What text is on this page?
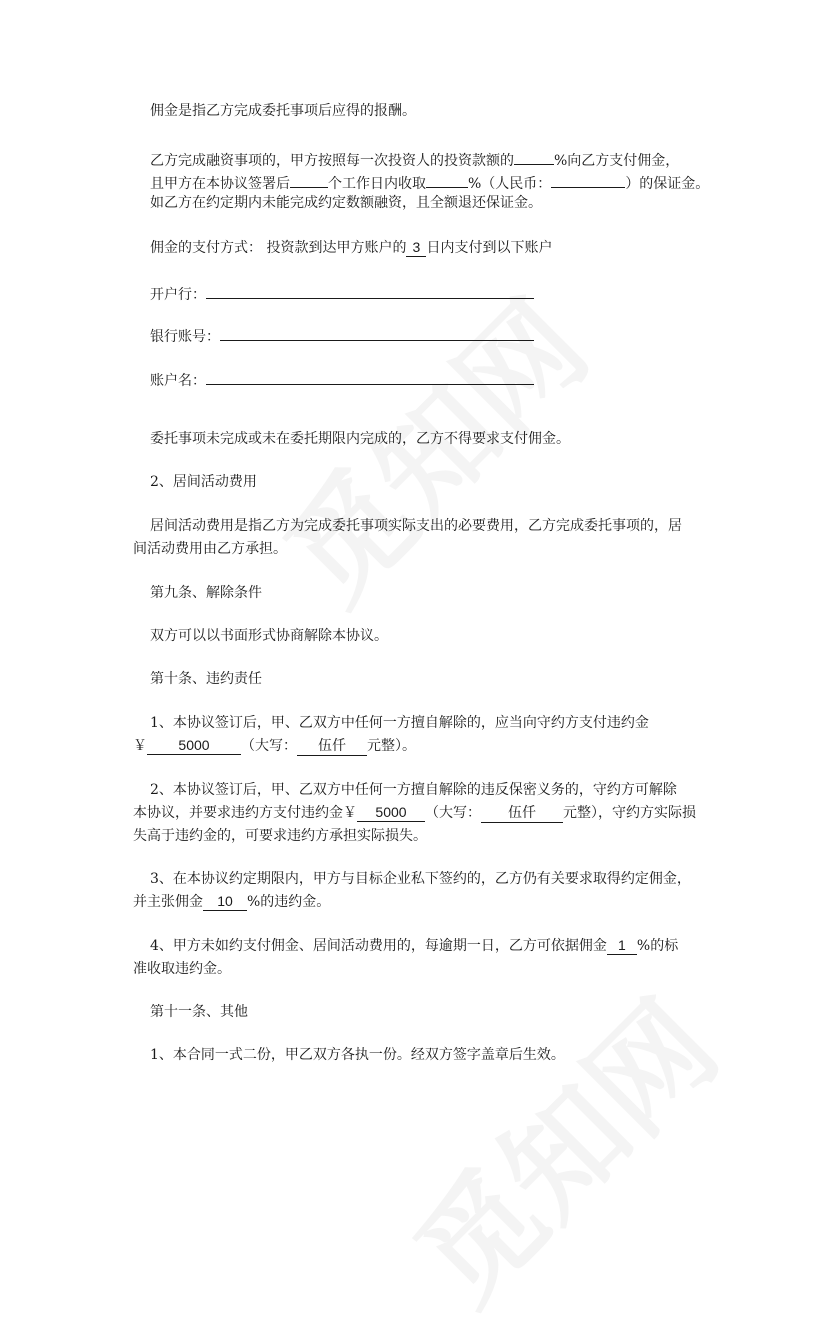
佣金是指乙方完成委托事项后应得的报酬。
乙方完成融资事项的，甲方按照每一次投资人的投资款额的	%向乙方支付佣金，
且甲方在本协议签署后	个工作日内收取	%（人民币：	）的保证金。
如乙方在约定期内未能完成约定数额融资，且全额退还保证金。
佣金的支付方式： 投资款到达甲方账户的 3 日内支付到以下账户
开户行：
银行账号：
账户名：
委托事项未完成或未在委托期限内完成的，乙方不得要求支付佣金。
2、居间活动费用
居间活动费用是指乙方为完成委托事项实际支出的必要费用，乙方完成委托事项的，居
间活动费用由乙方承担。
第九条、解除条件
双方可以以书面形式协商解除本协议。
第十条、违约责任
1、本协议签订后，甲、乙双方中任何一方擅自解除的，应当向守约方支付违约金
￥ 5000 （大写： 伍仟 元整）。
2、本协议签订后，甲、乙双方中任何一方擅自解除的违反保密义务的，守约方可解除
本协议，并要求违约方支付违约金￥ 5000 （大写： 伍仟 元整），守约方实际损
失高于违约金的，可要求违约方承担实际损失。
3、在本协议约定期限内，甲方与目标企业私下签约的，乙方仍有关要求取得约定佣金，
并主张佣金 10 %的违约金。
4、甲方未如约支付佣金、居间活动费用的，每逾期一日，乙方可依据佣金 1 %的标
准收取违约金。
第十一条、其他
1、本合同一式二份，甲乙双方各执一份。经双方签字盖章后生效。
